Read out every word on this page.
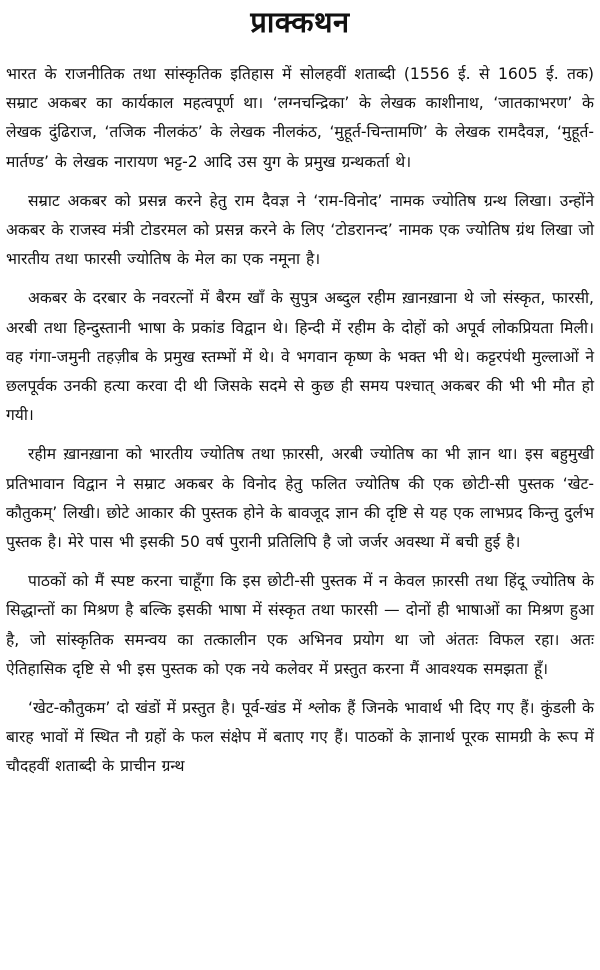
प्राक्कथन

भारत के राजनीतिक तथा सांस्कृतिक इतिहास में सोलहवीं शताब्दी (1556 ई. से 1605 ई. तक) सम्राट अकबर का कार्यकाल महत्वपूर्ण था। ‘लग्नचन्द्रिका’ के लेखक काशीनाथ, ‘जातकाभरण’ के लेखक दुंढिराज, ‘तजिक नीलकंठ’ के लेखक नीलकंठ, ‘मुहूर्त-चिन्तामणि’ के लेखक रामदैवज्ञ, ‘मुहूर्त-मार्तण्ड’ के लेखक नारायण भट्ट-2 आदि उस युग के प्रमुख ग्रन्थकर्ता थे।

सम्राट अकबर को प्रसन्न करने हेतु राम दैवज्ञ ने ‘राम-विनोद’ नामक ज्योतिष ग्रन्थ लिखा। उन्होंने अकबर के राजस्व मंत्री टोडरमल को प्रसन्न करने के लिए ‘टोडरानन्द’ नामक एक ज्योतिष ग्रंथ लिखा जो भारतीय तथा फारसी ज्योतिष के मेल का एक नमूना है।

अकबर के दरबार के नवरत्नों में बैरम खाँ के सुपुत्र अब्दुल रहीम ख़ानख़ाना थे जो संस्कृत, फारसी, अरबी तथा हिन्दुस्तानी भाषा के प्रकांड विद्वान थे। हिन्दी में रहीम के दोहों को अपूर्व लोकप्रियता मिली। वह गंगा-जमुनी तहज़ीब के प्रमुख स्तम्भों में थे। वे भगवान कृष्ण के भक्त भी थे। कट्टरपंथी मुल्लाओं ने छलपूर्वक उनकी हत्या करवा दी थी जिसके सदमे से कुछ ही समय पश्चात् अकबर की भी भी मौत हो गयी।

रहीम ख़ानख़ाना को भारतीय ज्योतिष तथा फ़ारसी, अरबी ज्योतिष का भी ज्ञान था। इस बहुमुखी प्रतिभावान विद्वान ने सम्राट अकबर के विनोद हेतु फलित ज्योतिष की एक छोटी-सी पुस्तक ‘खेट-कौतुकम्’ लिखी। छोटे आकार की पुस्तक होने के बावजूद ज्ञान की दृष्टि से यह एक लाभप्रद किन्तु दुर्लभ पुस्तक है। मेरे पास भी इसकी 50 वर्ष पुरानी प्रतिलिपि है जो जर्जर अवस्था में बची हुई है।

पाठकों को मैं स्पष्ट करना चाहूँगा कि इस छोटी-सी पुस्तक में न केवल फ़ारसी तथा हिंदू ज्योतिष के सिद्धान्तों का मिश्रण है बल्कि इसकी भाषा में संस्कृत तथा फारसी — दोनों ही भाषाओं का मिश्रण हुआ है, जो सांस्कृतिक समन्वय का तत्कालीन एक अभिनव प्रयोग था जो अंततः विफल रहा। अतः ऐतिहासिक दृष्टि से भी इस पुस्तक को एक नये कलेवर में प्रस्तुत करना मैं आवश्यक समझता हूँ।

‘खेट-कौतुकम’ दो खंडों में प्रस्तुत है। पूर्व-खंड में श्लोक हैं जिनके भावार्थ भी दिए गए हैं। कुंडली के बारह भावों में स्थित नौ ग्रहों के फल संक्षेप में बताए गए हैं। पाठकों के ज्ञानार्थ पूरक सामग्री के रूप में चौदहवीं शताब्दी के प्राचीन ग्रन्थ
